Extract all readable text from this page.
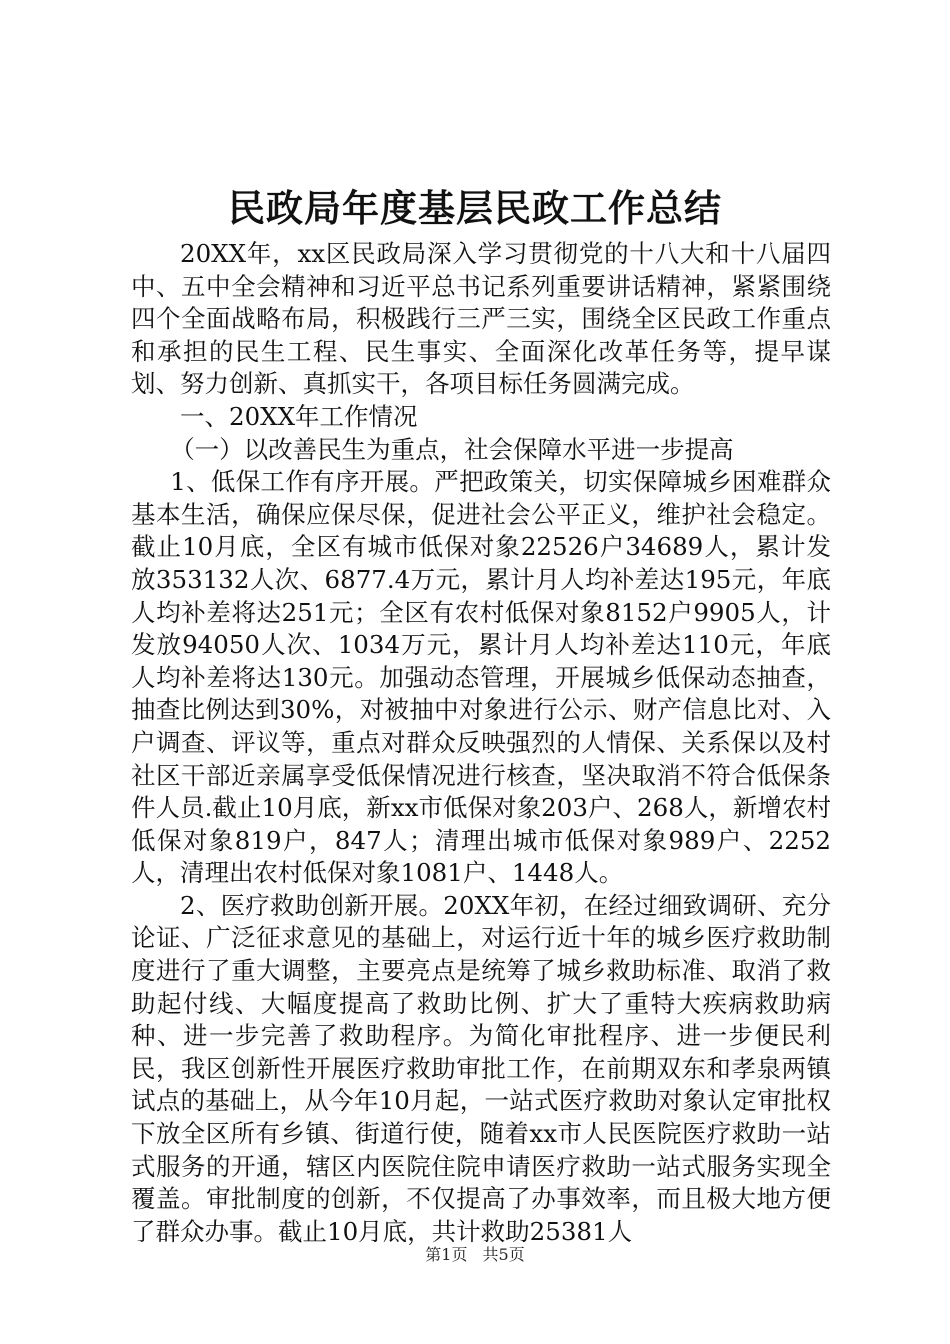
民政局年度基层民政工作总结

20XX年，xx区民政局深入学习贯彻党的十八大和十八届四中、五中全会精神和习近平总书记系列重要讲话精神，紧紧围绕四个全面战略布局，积极践行三严三实，围绕全区民政工作重点和承担的民生工程、民生事实、全面深化改革任务等，提早谋划、努力创新、真抓实干，各项目标任务圆满完成。

一、20XX年工作情况

（一）以改善民生为重点，社会保障水平进一步提高

1、低保工作有序开展。严把政策关，切实保障城乡困难群众基本生活，确保应保尽保，促进社会公平正义，维护社会稳定。截止10月底，全区有城市低保对象22526户34689人，累计发放353132人次、6877.4万元，累计月人均补差达195元，年底人均补差将达251元；全区有农村低保对象8152户9905人，计发放94050人次、1034万元，累计月人均补差达110元，年底人均补差将达130元。加强动态管理，开展城乡低保动态抽查，抽查比例达到30%，对被抽中对象进行公示、财产信息比对、入户调查、评议等，重点对群众反映强烈的人情保、关系保以及村社区干部近亲属享受低保情况进行核查，坚决取消不符合低保条件人员.截止10月底，新xx市低保对象203户、268人，新增农村低保对象819户，847人；清理出城市低保对象989户、2252人，清理出农村低保对象1081户、1448人。

2、医疗救助创新开展。20XX年初，在经过细致调研、充分论证、广泛征求意见的基础上，对运行近十年的城乡医疗救助制度进行了重大调整，主要亮点是统筹了城乡救助标准、取消了救助起付线、大幅度提高了救助比例、扩大了重特大疾病救助病种、进一步完善了救助程序。为简化审批程序、进一步便民利民，我区创新性开展医疗救助审批工作，在前期双东和孝泉两镇试点的基础上，从今年10月起，一站式医疗救助对象认定审批权下放全区所有乡镇、街道行使，随着xx市人民医院医疗救助一站式服务的开通，辖区内医院住院申请医疗救助一站式服务实现全覆盖。审批制度的创新，不仅提高了办事效率，而且极大地方便了群众办事。截止10月底，共计救助25381人

第1页 共5页
